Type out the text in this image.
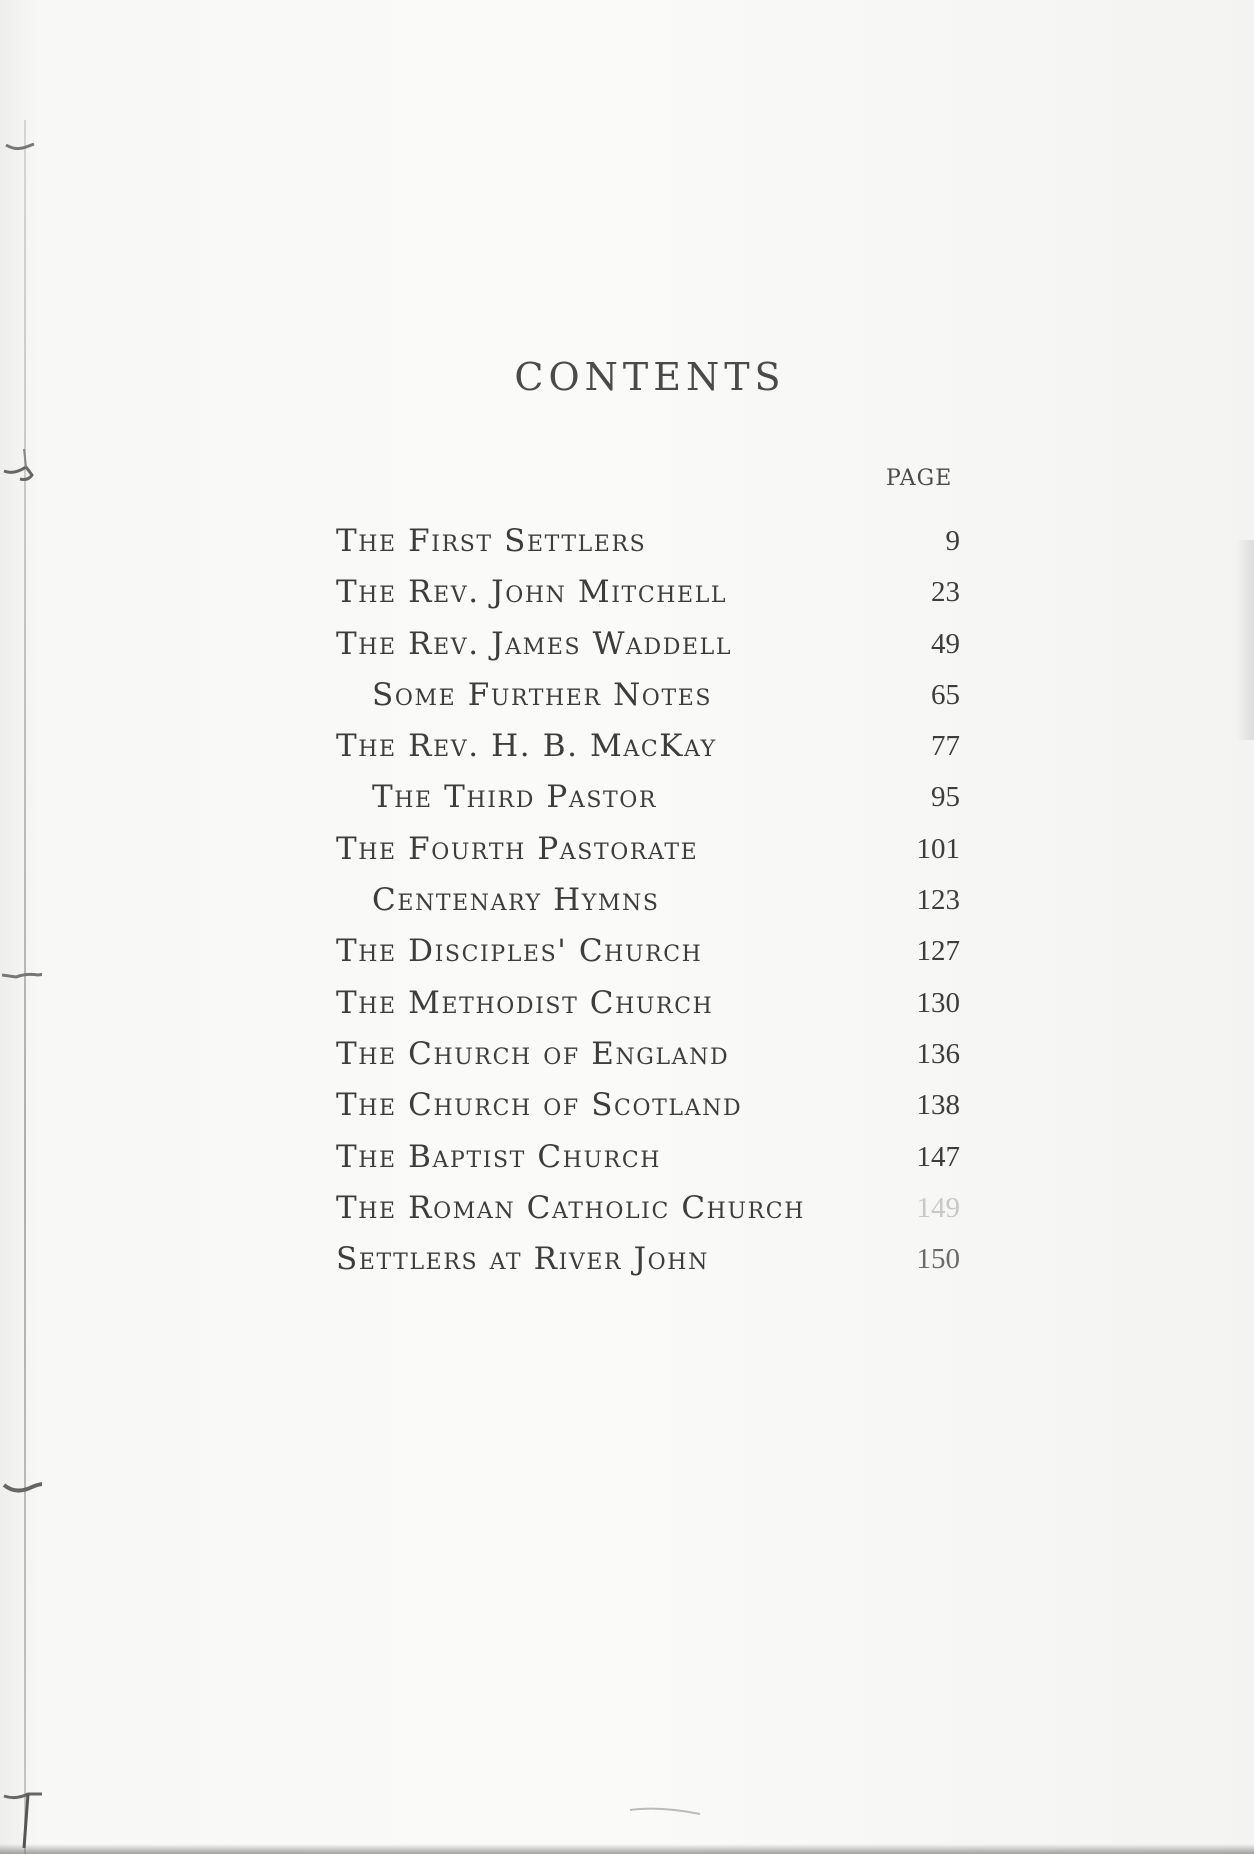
CONTENTS
PAGE
The First Settlers	9
The Rev. John Mitchell	23
The Rev. James Waddell	49
Some Further Notes	65
The Rev. H. B. MacKay	77
The Third Pastor	95
The Fourth Pastorate	101
Centenary Hymns	123
The Disciples' Church	127
The Methodist Church	130
The Church of England	136
The Church of Scotland	138
The Baptist Church	147
The Roman Catholic Church	149
Settlers at River John	150
